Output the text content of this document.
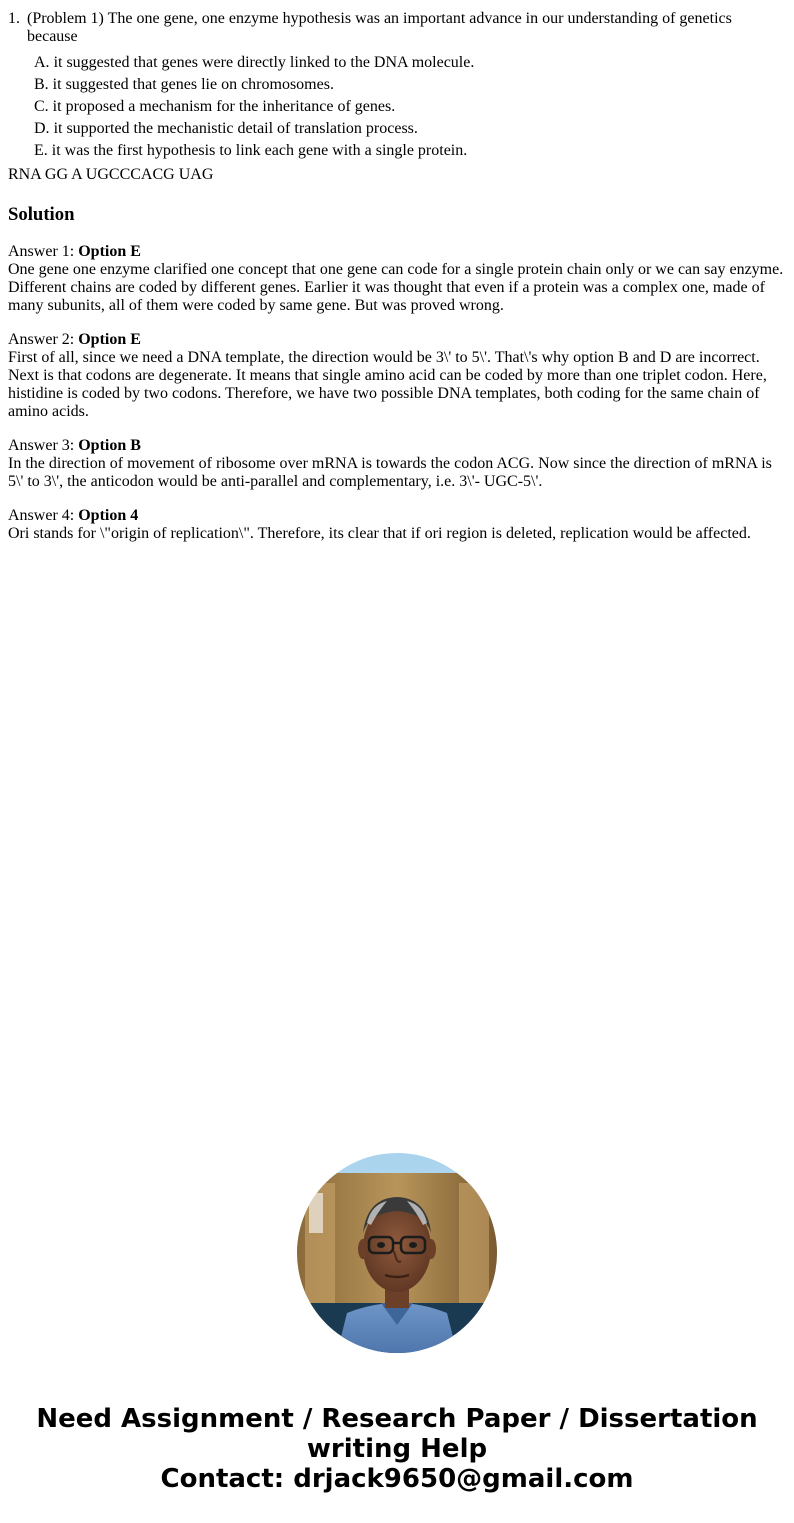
1. (Problem 1) The one gene, one enzyme hypothesis was an important advance in our understanding of genetics because
A. it suggested that genes were directly linked to the DNA molecule.
B. it suggested that genes lie on chromosomes.
C. it proposed a mechanism for the inheritance of genes.
D. it supported the mechanistic detail of translation process.
E. it was the first hypothesis to link each gene with a single protein.
RNA GG A UGCCCACG UAG
Solution
Answer 1: Option E
One gene one enzyme clarified one concept that one gene can code for a single protein chain only or we can say enzyme. Different chains are coded by different genes. Earlier it was thought that even if a protein was a complex one, made of many subunits, all of them were coded by same gene. But was proved wrong.
Answer 2: Option E
First of all, since we need a DNA template, the direction would be 3\' to 5\'. That\'s why option B and D are incorrect. Next is that codons are degenerate. It means that single amino acid can be coded by more than one triplet codon. Here, histidine is coded by two codons. Therefore, we have two possible DNA templates, both coding for the same chain of amino acids.
Answer 3: Option B
In the direction of movement of ribosome over mRNA is towards the codon ACG. Now since the direction of mRNA is 5\' to 3\', the anticodon would be anti-parallel and complementary, i.e. 3\'- UGC-5\'.
Answer 4: Option 4
Ori stands for \"origin of replication\". Therefore, its clear that if ori region is deleted, replication would be affected.
Need Assignment / Research Paper / Dissertation
writing Help
Contact: drjack9650@gmail.com
